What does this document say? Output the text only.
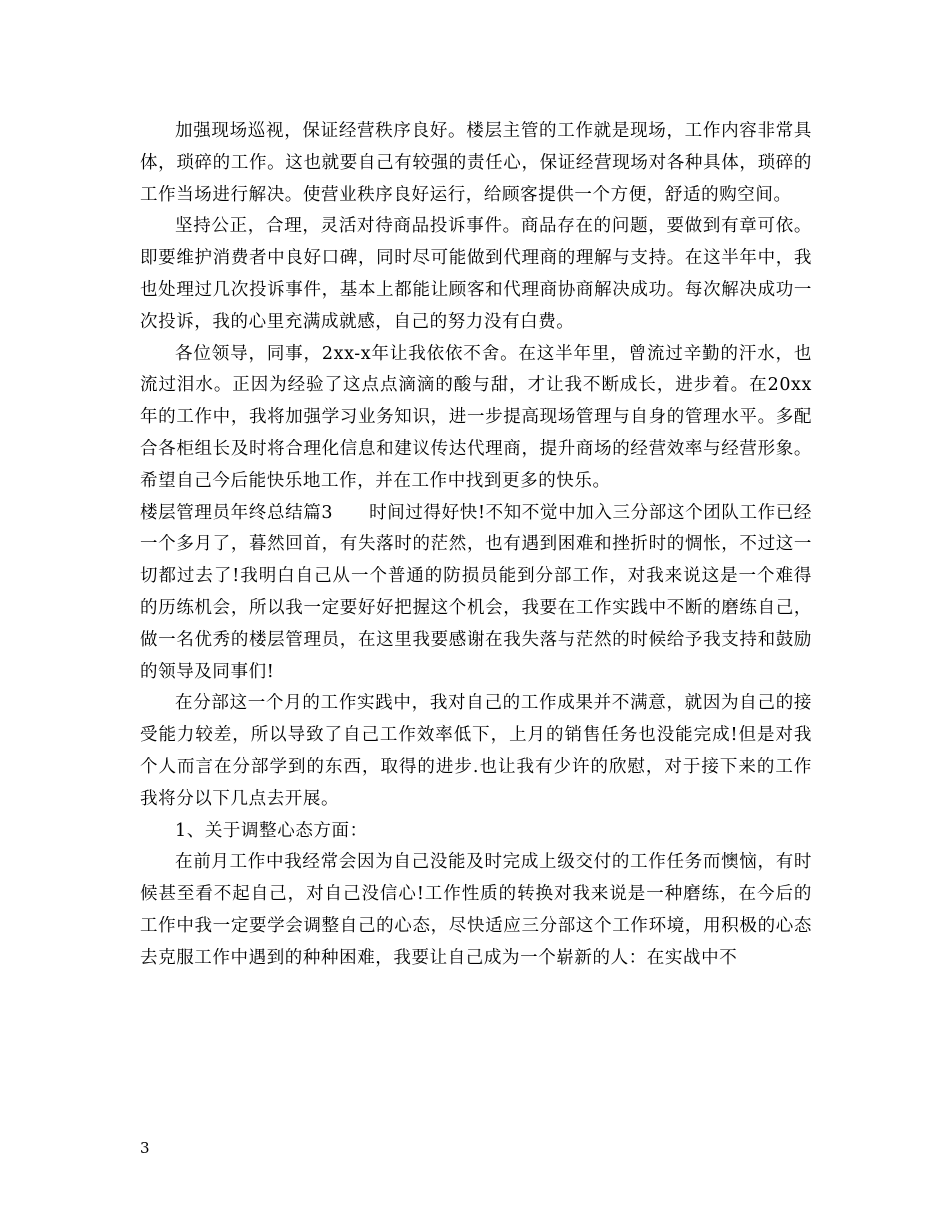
加强现场巡视，保证经营秩序良好。楼层主管的工作就是现场，工作内容非常具体，琐碎的工作。这也就要自己有较强的责任心，保证经营现场对各种具体，琐碎的工作当场进行解决。使营业秩序良好运行，给顾客提供一个方便，舒适的购空间。

坚持公正，合理，灵活对待商品投诉事件。商品存在的问题，要做到有章可依。即要维护消费者中良好口碑，同时尽可能做到代理商的理解与支持。在这半年中，我也处理过几次投诉事件，基本上都能让顾客和代理商协商解决成功。每次解决成功一次投诉，我的心里充满成就感，自己的努力没有白费。

各位领导，同事，2xx-x年让我依依不舍。在这半年里，曾流过辛勤的汗水，也流过泪水。正因为经验了这点点滴滴的酸与甜，才让我不断成长，进步着。在20xx年的工作中，我将加强学习业务知识，进一步提高现场管理与自身的管理水平。多配合各柜组长及时将合理化信息和建议传达代理商，提升商场的经营效率与经营形象。希望自己今后能快乐地工作，并在工作中找到更多的快乐。

楼层管理员年终总结篇3 时间过得好快!不知不觉中加入三分部这个团队工作已经一个多月了，暮然回首，有失落时的茫然，也有遇到困难和挫折时的惆怅，不过这一切都过去了!我明白自己从一个普通的防损员能到分部工作，对我来说这是一个难得的历练机会，所以我一定要好好把握这个机会，我要在工作实践中不断的磨练自己，做一名优秀的楼层管理员，在这里我要感谢在我失落与茫然的时候给予我支持和鼓励的领导及同事们!

在分部这一个月的工作实践中，我对自己的工作成果并不满意，就因为自己的接受能力较差，所以导致了自己工作效率低下，上月的销售任务也没能完成!但是对我个人而言在分部学到的东西，取得的进步.也让我有少许的欣慰，对于接下来的工作我将分以下几点去开展。

1、关于调整心态方面：

在前月工作中我经常会因为自己没能及时完成上级交付的工作任务而懊恼，有时候甚至看不起自己，对自己没信心!工作性质的转换对我来说是一种磨练，在今后的工作中我一定要学会调整自己的心态，尽快适应三分部这个工作环境，用积极的心态去克服工作中遇到的种种困难，我要让自己成为一个崭新的人：在实战中不

3
